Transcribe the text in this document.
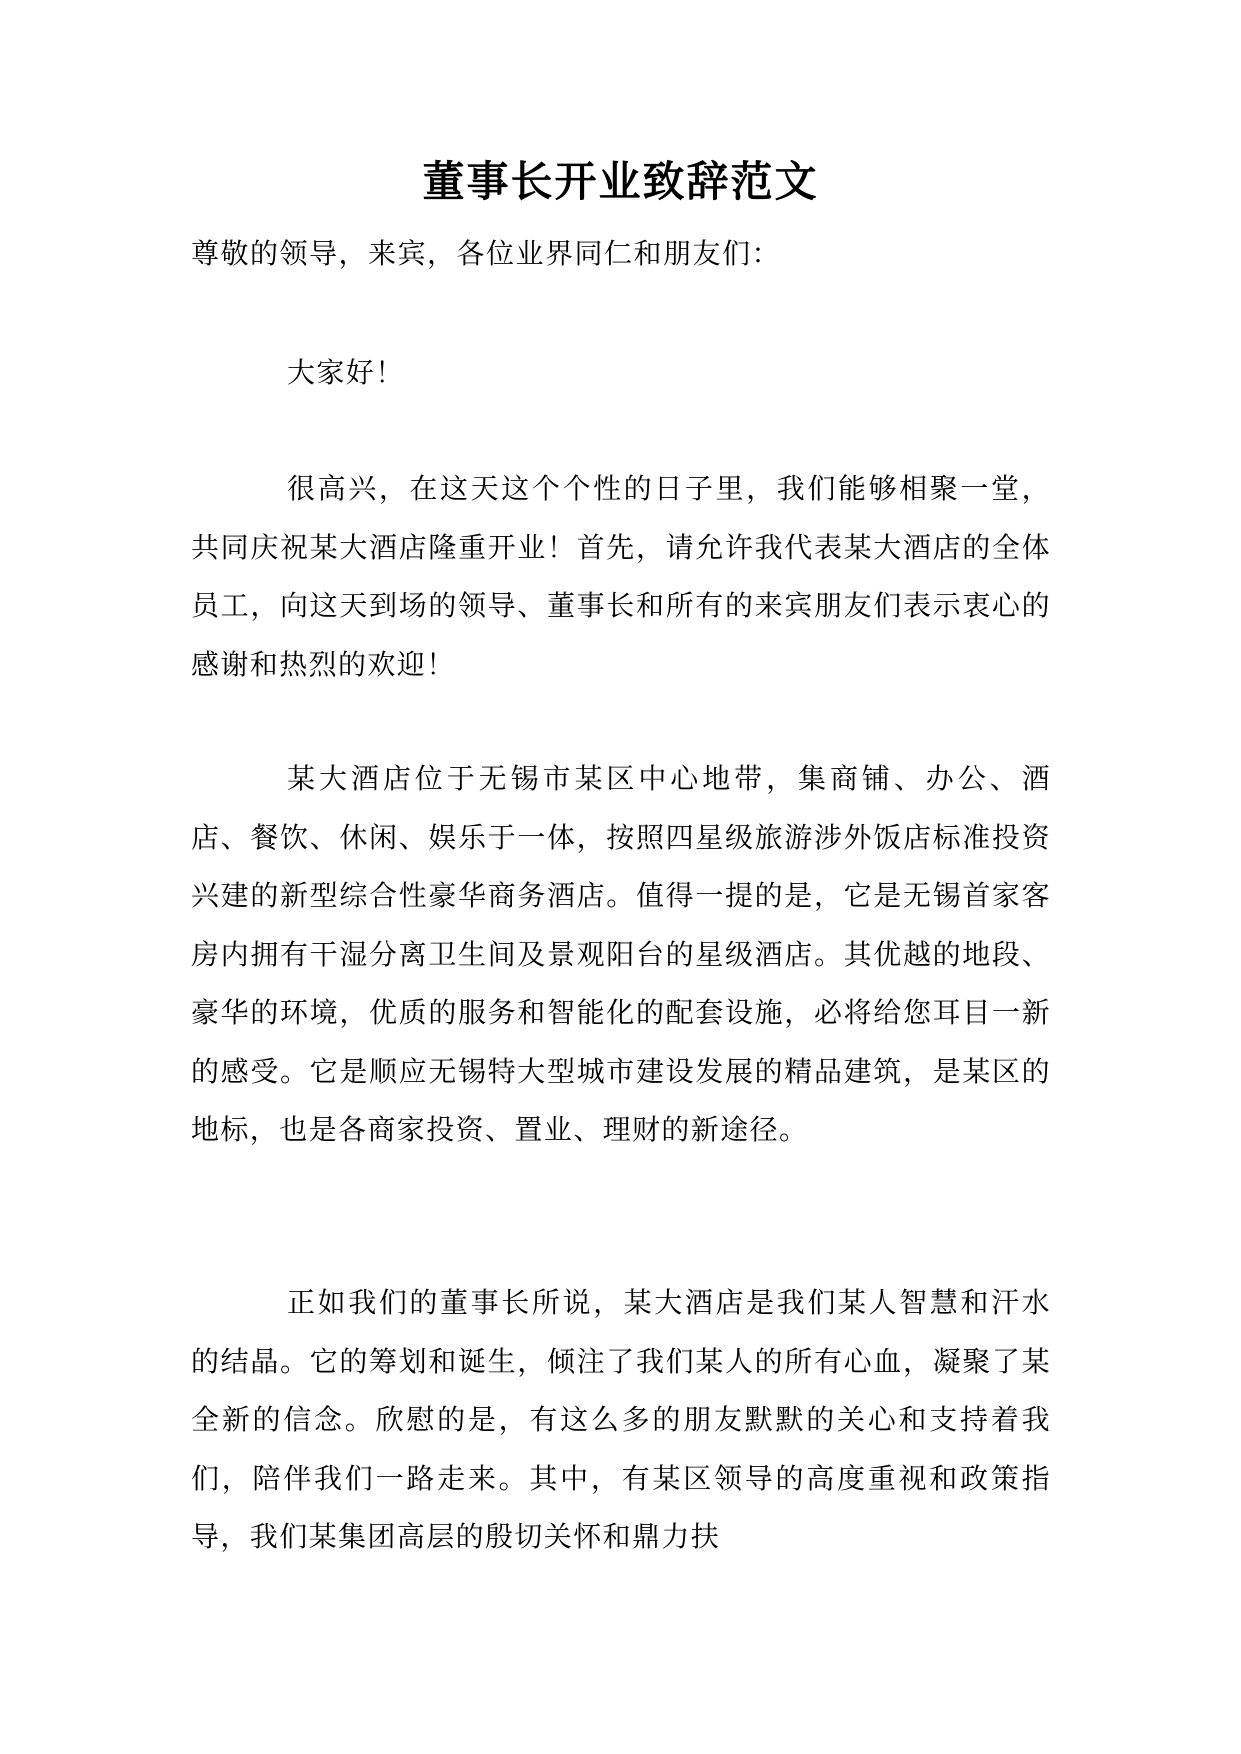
董事长开业致辞范文

尊敬的领导，来宾，各位业界同仁和朋友们：

大家好！

很高兴，在这天这个个性的日子里，我们能够相聚一堂，共同庆祝某大酒店隆重开业！首先，请允许我代表某大酒店的全体员工，向这天到场的领导、董事长和所有的来宾朋友们表示衷心的感谢和热烈的欢迎！

某大酒店位于无锡市某区中心地带，集商铺、办公、酒店、餐饮、休闲、娱乐于一体，按照四星级旅游涉外饭店标准投资兴建的新型综合性豪华商务酒店。值得一提的是，它是无锡首家客房内拥有干湿分离卫生间及景观阳台的星级酒店。其优越的地段、豪华的环境，优质的服务和智能化的配套设施，必将给您耳目一新的感受。它是顺应无锡特大型城市建设发展的精品建筑，是某区的地标，也是各商家投资、置业、理财的新途径。

正如我们的董事长所说，某大酒店是我们某人智慧和汗水的结晶。它的筹划和诞生，倾注了我们某人的所有心血，凝聚了某全新的信念。欣慰的是，有这么多的朋友默默的关心和支持着我们，陪伴我们一路走来。其中，有某区领导的高度重视和政策指导，我们某集团高层的殷切关怀和鼎力扶
